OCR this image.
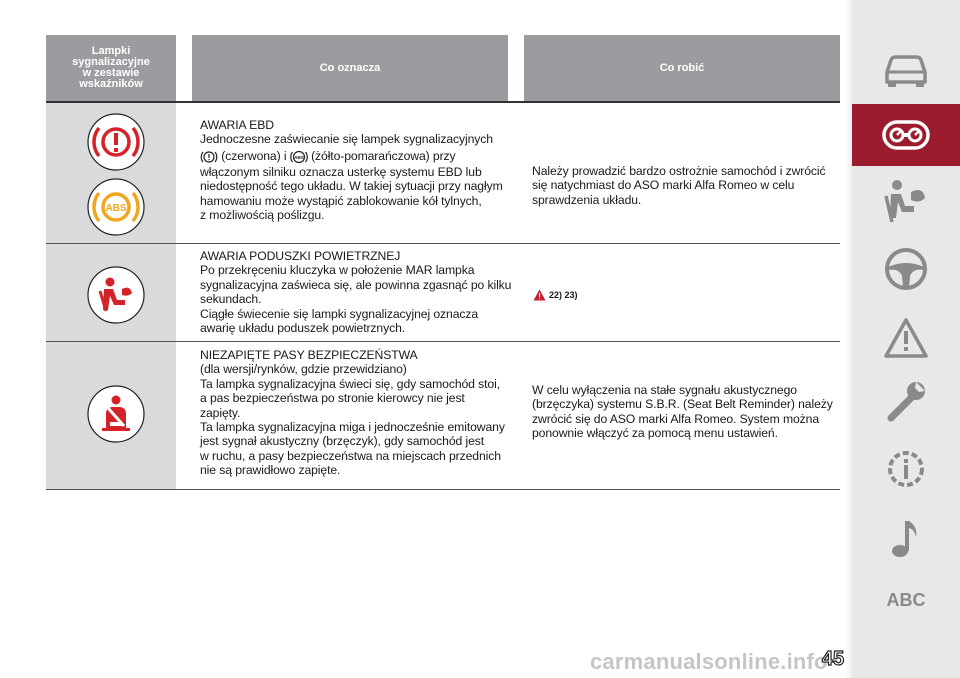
Lampki
sygnalizacyjne
w zestawie
wskaźników
Co oznacza	Co robić
ABS
AWARIA EBD
Jednoczesne zaświecanie się lampek sygnalizacyjnych
(czerwona) i ABS (żółto-pomarańczowa) przy
włączonym silniku oznacza usterkę systemu EBD lub
niedostępność tego układu. W takiej sytuacji przy nagłym
hamowaniu może wystąpić zablokowanie kół tylnych,
z możliwością poślizgu.
Należy prowadzić bardzo ostrożnie samochód i zwrócić
się natychmiast do ASO marki Alfa Romeo w celu
sprawdzenia układu.
AWARIA PODUSZKI POWIETRZNEJ
Po przekręceniu kluczyka w położenie MAR lampka
sygnalizacyjna zaświeca się, ale powinna zgasnąć po kilku
sekundach.
Ciągłe świecenie się lampki sygnalizacyjnej oznacza
awarię układu poduszek powietrznych.
22) 23)
NIEZAPIĘTE PASY BEZPIECZEŃSTWA
(dla wersji/rynków, gdzie przewidziano)
Ta lampka sygnalizacyjna świeci się, gdy samochód stoi,
a pas bezpieczeństwa po stronie kierowcy nie jest
zapięty.
Ta lampka sygnalizacyjna miga i jednocześnie emitowany
jest sygnał akustyczny (brzęczyk), gdy samochód jest
w ruchu, a pasy bezpieczeństwa na miejscach przednich
nie są prawidłowo zapięte.
W celu wyłączenia na stałe sygnału akustycznego
(brzęczyka) systemu S.B.R. (Seat Belt Reminder) należy
zwrócić się do ASO marki Alfa Romeo. System można
ponownie włączyć za pomocą menu ustawień.
ABC
carmanualsonline.info
45
